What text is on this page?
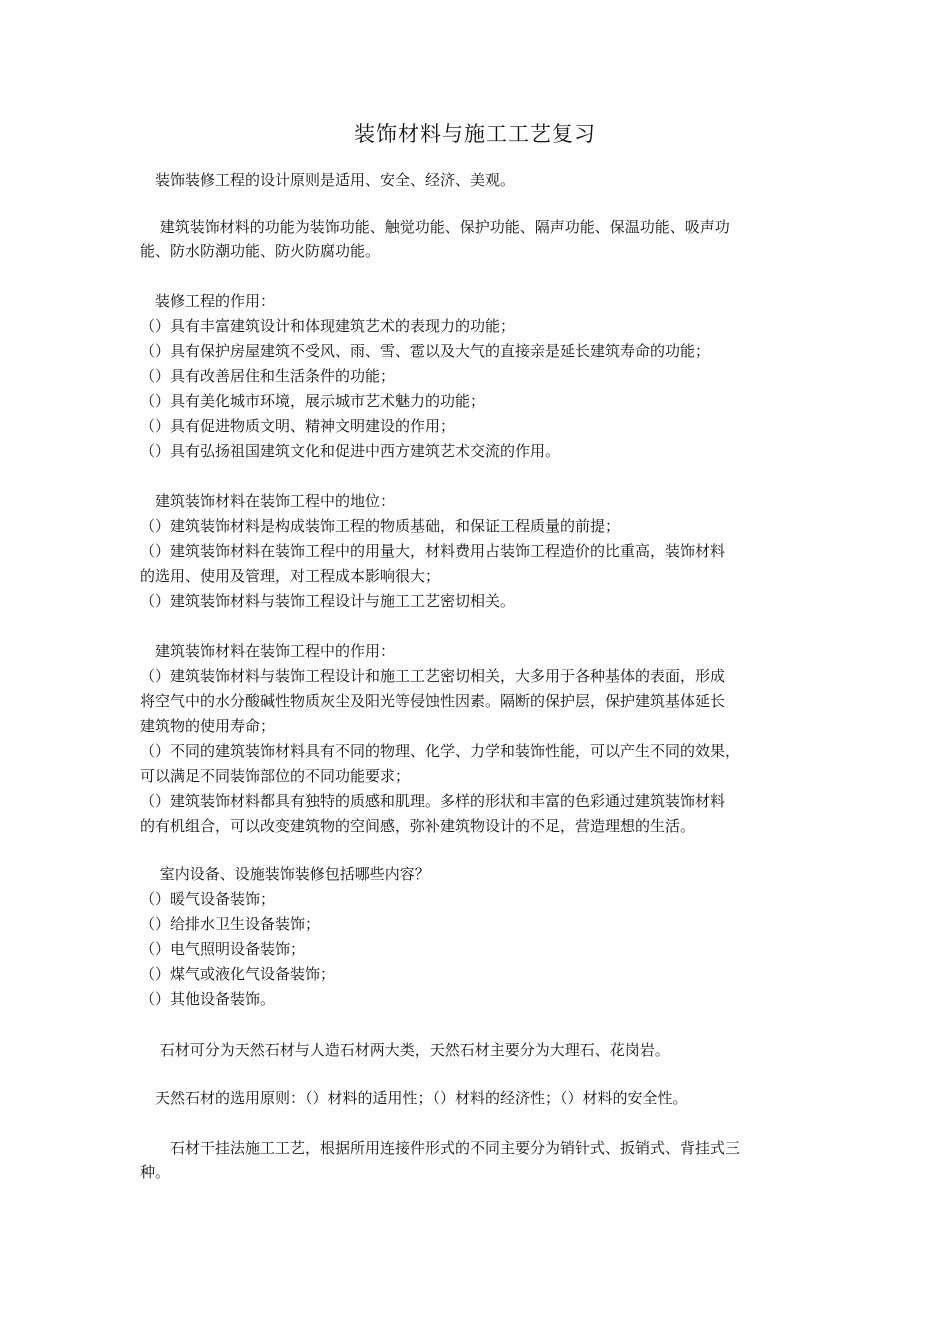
装饰材料与施工工艺复习
　装饰装修工程的设计原则是适用、安全、经济、美观。
　 建筑装饰材料的功能为装饰功能、触觉功能、保护功能、隔声功能、保温功能、吸声功
能、防水防潮功能、防火防腐功能。
　装修工程的作用：
（）具有丰富建筑设计和体现建筑艺术的表现力的功能；
（）具有保护房屋建筑不受风、雨、雪、雹以及大气的直接亲是延长建筑寿命的功能；
（）具有改善居住和生活条件的功能；
（）具有美化城市环境，展示城市艺术魅力的功能；
（）具有促进物质文明、精神文明建设的作用；
（）具有弘扬祖国建筑文化和促进中西方建筑艺术交流的作用。
　建筑装饰材料在装饰工程中的地位：
（）建筑装饰材料是构成装饰工程的物质基础，和保证工程质量的前提；
（）建筑装饰材料在装饰工程中的用量大，材料费用占装饰工程造价的比重高，装饰材料
的选用、使用及管理，对工程成本影响很大；
（）建筑装饰材料与装饰工程设计与施工工艺密切相关。
　建筑装饰材料在装饰工程中的作用：
（）建筑装饰材料与装饰工程设计和施工工艺密切相关，大多用于各种基体的表面，形成
将空气中的水分酸碱性物质灰尘及阳光等侵蚀性因素。隔断的保护层，保护建筑基体延长
建筑物的使用寿命；
（）不同的建筑装饰材料具有不同的物理、化学、力学和装饰性能，可以产生不同的效果，
可以满足不同装饰部位的不同功能要求；
（）建筑装饰材料都具有独特的质感和肌理。多样的形状和丰富的色彩通过建筑装饰材料
的有机组合，可以改变建筑物的空间感，弥补建筑物设计的不足，营造理想的生活。
　 室内设备、设施装饰装修包括哪些内容？
（）暖气设备装饰；
（）给排水卫生设备装饰；
（）电气照明设备装饰；
（）煤气或液化气设备装饰；
（）其他设备装饰。
　 石材可分为天然石材与人造石材两大类，天然石材主要分为大理石、花岗岩。
　天然石材的选用原则：（）材料的适用性；（）材料的经济性；（）材料的安全性。
　　石材干挂法施工工艺，根据所用连接件形式的不同主要分为销针式、扳销式、背挂式三
种。
